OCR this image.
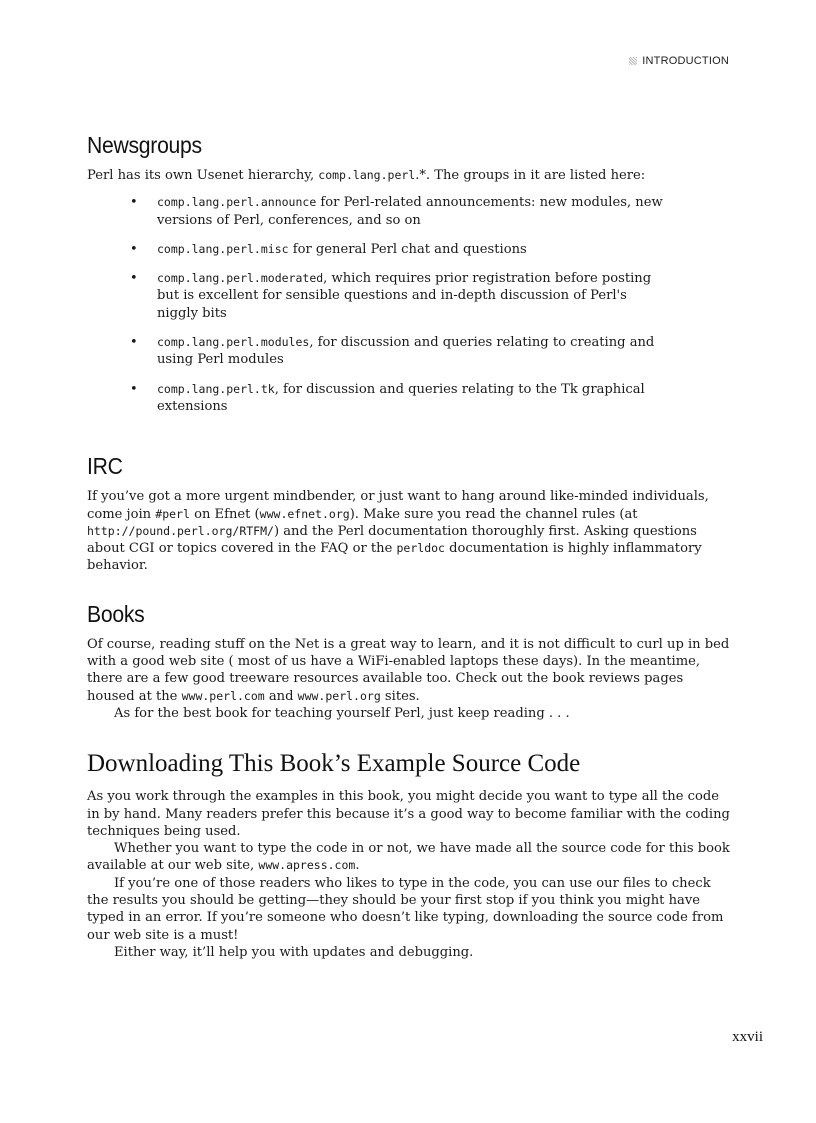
INTRODUCTION
Newsgroups

Perl has its own Usenet hierarchy, comp.lang.perl.*. The groups in it are listed here:

• comp.lang.perl.announce for Perl-related announcements: new modules, new versions of Perl, conferences, and so on
• comp.lang.perl.misc for general Perl chat and questions
• comp.lang.perl.moderated, which requires prior registration before posting but is excellent for sensible questions and in-depth discussion of Perl's niggly bits
• comp.lang.perl.modules, for discussion and queries relating to creating and using Perl modules
• comp.lang.perl.tk, for discussion and queries relating to the Tk graphical extensions
IRC

If you’ve got a more urgent mindbender, or just want to hang around like-minded individuals, come join #perl on Efnet (www.efnet.org). Make sure you read the channel rules (at http://pound.perl.org/RTFM/) and the Perl documentation thoroughly first. Asking questions about CGI or topics covered in the FAQ or the perldoc documentation is highly inflammatory behavior.

Books

Of course, reading stuff on the Net is a great way to learn, and it is not difficult to curl up in bed with a good web site ( most of us have a WiFi-enabled laptops these days). In the meantime, there are a few good treeware resources available too. Check out the book reviews pages housed at the www.perl.com and www.perl.org sites.

As for the best book for teaching yourself Perl, just keep reading . . .

Downloading This Book’s Example Source Code

As you work through the examples in this book, you might decide you want to type all the code in by hand. Many readers prefer this because it’s a good way to become familiar with the coding techniques being used.

Whether you want to type the code in or not, we have made all the source code for this book available at our web site, www.apress.com.

If you’re one of those readers who likes to type in the code, you can use our files to check the results you should be getting—they should be your first stop if you think you might have typed in an error. If you’re someone who doesn’t like typing, downloading the source code from our web site is a must!

Either way, it’ll help you with updates and debugging.

xxvii
